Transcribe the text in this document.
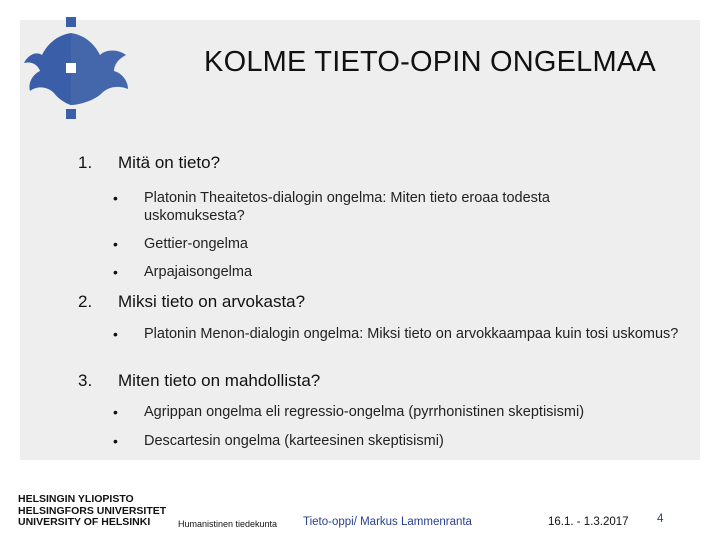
KOLME TIETO-OPIN ONGELMAA
1. Mitä on tieto?
• Platonin Theaitetos-dialogin ongelma: Miten tieto eroaa todesta uskomuksesta?
• Gettier-ongelma
• Arpajaisongelma
2. Miksi tieto on arvokasta?
• Platonin Menon-dialogin ongelma: Miksi tieto on arvokkaampaa kuin tosi uskomus?
3. Miten tieto on mahdollista?
• Agrippan ongelma eli regressio-ongelma (pyrrhonistinen skeptisismi)
• Descartesin ongelma (karteesinen skeptisismi)
HELSINGIN YLIOPISTO
HELSINGFORS UNIVERSITET
UNIVERSITY OF HELSINKI	Humanistinen tiedekunta Tieto-oppi/ Markus Lammenranta	16.1. - 1.3.2017 4
